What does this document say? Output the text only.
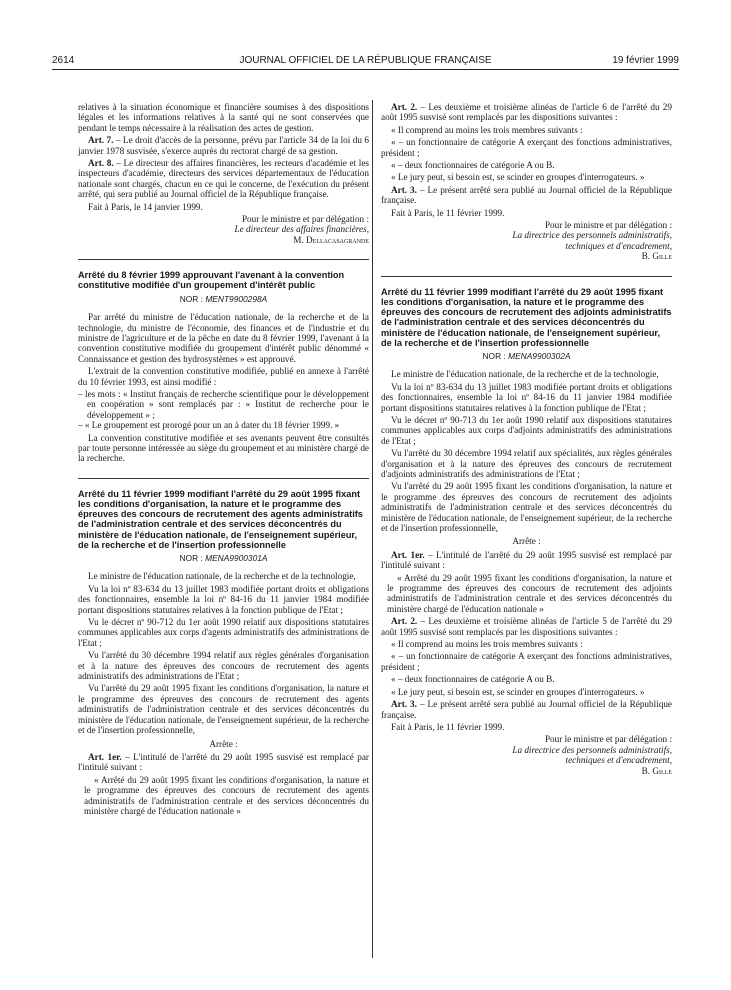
2614	JOURNAL OFFICIEL DE LA RÉPUBLIQUE FRANÇAISE	19 février 1999

relatives à la situation économique et financière soumises à des dispositions légales et les informations relatives à la santé qui ne sont conservées que pendant le temps nécessaire à la réalisation des actes de gestion.

Art. 7. – Le droit d'accès de la personne, prévu par l'article 34 de la loi du 6 janvier 1978 susvisée, s'exerce auprès du rectorat chargé de sa gestion.

Art. 8. – Le directeur des affaires financières, les recteurs d'académie et les inspecteurs d'académie, directeurs des services départementaux de l'éducation nationale sont chargés, chacun en ce qui le concerne, de l'exécution du présent arrêté, qui sera publié au Journal officiel de la République française.

Fait à Paris, le 14 janvier 1999.

Pour le ministre et par délégation :
Le directeur des affaires financières,
M. Dellacasagrande
Arrêté du 8 février 1999 approuvant l'avenant à la convention constitutive modifiée d'un groupement d'intérêt public
NOR : MENT9900298A

Par arrêté du ministre de l'éducation nationale, de la recherche et de la technologie, du ministre de l'économie, des finances et de l'industrie et du ministre de l'agriculture et de la pêche en date du 8 février 1999, l'avenant à la convention constitutive modifiée du groupement d'intérêt public dénommé « Connaissance et gestion des hydrosystèmes » est approuvé.

L'extrait de la convention constitutive modifiée, publié en annexe à l'arrêté du 10 février 1993, est ainsi modifié :

– les mots : « Institut français de recherche scientifique pour le développement en coopération » sont remplacés par : « Institut de recherche pour le développement » ;
– « Le groupement est prorogé pour un an à dater du 18 février 1999. »

La convention constitutive modifiée et ses avenants peuvent être consultés par toute personne intéressée au siège du groupement et au ministère chargé de la recherche.

Arrêté du 11 février 1999 modifiant l'arrêté du 29 août 1995 fixant les conditions d'organisation, la nature et le programme des épreuves des concours de recrutement des agents administratifs de l'administration centrale et des services déconcentrés du ministère de l'éducation nationale, de l'enseignement supérieur, de la recherche et de l'insertion professionnelle
NOR : MENA9900301A

Le ministre de l'éducation nationale, de la recherche et de la technologie,

Vu la loi nº 83-634 du 13 juillet 1983 modifiée portant droits et obligations des fonctionnaires, ensemble la loi nº 84-16 du 11 janvier 1984 modifiée portant dispositions statutaires relatives à la fonction publique de l'Etat ;

Vu le décret nº 90-712 du 1er août 1990 relatif aux dispositions statutaires communes applicables aux corps d'agents administratifs des administrations de l'Etat ;

Vu l'arrêté du 30 décembre 1994 relatif aux règles générales d'organisation et à la nature des épreuves des concours de recrutement des agents administratifs des administrations de l'Etat ;

Vu l'arrêté du 29 août 1995 fixant les conditions d'organisation, la nature et le programme des épreuves des concours de recrutement des agents administratifs de l'administration centrale et des services déconcentrés du ministère de l'éducation nationale, de l'enseignement supérieur, de la recherche et de l'insertion professionnelle,

Arrête :

Art. 1er. – L'intitulé de l'arrêté du 29 août 1995 susvisé est remplacé par l'intitulé suivant :

« Arrêté du 29 août 1995 fixant les conditions d'organisation, la nature et le programme des épreuves des concours de recrutement des agents administratifs de l'administration centrale et des services déconcentrés du ministère chargé de l'éducation nationale »

Art. 2. – Les deuxième et troisième alinéas de l'article 6 de l'arrêté du 29 août 1995 susvisé sont remplacés par les dispositions suivantes :

« Il comprend au moins les trois membres suivants :

« – un fonctionnaire de catégorie A exerçant des fonctions administratives, président ;

« – deux fonctionnaires de catégorie A ou B.

« Le jury peut, si besoin est, se scinder en groupes d'interrogateurs. »

Art. 3. – Le présent arrêté sera publié au Journal officiel de la République française.

Fait à Paris, le 11 février 1999.

Pour le ministre et par délégation :
La directrice des personnels administratifs,
techniques et d'encadrement,
B. Gille
Arrêté du 11 février 1999 modifiant l'arrêté du 29 août 1995 fixant les conditions d'organisation, la nature et le programme des épreuves des concours de recrutement des adjoints administratifs de l'administration centrale et des services déconcentrés du ministère de l'éducation nationale, de l'enseignement supérieur, de la recherche et de l'insertion professionnelle
NOR : MENA9900302A

Le ministre de l'éducation nationale, de la recherche et de la technologie,

Vu la loi nº 83-634 du 13 juillet 1983 modifiée portant droits et obligations des fonctionnaires, ensemble la loi nº 84-16 du 11 janvier 1984 modifiée portant dispositions statutaires relatives à la fonction publique de l'Etat ;

Vu le décret nº 90-713 du 1er août 1990 relatif aux dispositions statutaires communes applicables aux corps d'adjoints administratifs des administrations de l'Etat ;

Vu l'arrêté du 30 décembre 1994 relatif aux spécialités, aux règles générales d'organisation et à la nature des épreuves des concours de recrutement d'adjoints administratifs des administrations de l'Etat ;

Vu l'arrêté du 29 août 1995 fixant les conditions d'organisation, la nature et le programme des épreuves des concours de recrutement des adjoints administratifs de l'administration centrale et des services déconcentrés du ministère de l'éducation nationale, de l'enseignement supérieur, de la recherche et de l'insertion professionnelle,

Arrête :

Art. 1er. – L'intitulé de l'arrêté du 29 août 1995 susvisé est remplacé par l'intitulé suivant :

« Arrêté du 29 août 1995 fixant les conditions d'organisation, la nature et le programme des épreuves des concours de recrutement des adjoints administratifs de l'administration centrale et des services déconcentrés du ministère chargé de l'éducation nationale »

Art. 2. – Les deuxième et troisième alinéas de l'article 5 de l'arrêté du 29 août 1995 susvisé sont remplacés par les dispositions suivantes :

« Il comprend au moins les trois membres suivants :

« – un fonctionnaire de catégorie A exerçant des fonctions administratives, président ;

« – deux fonctionnaires de catégorie A ou B.

« Le jury peut, si besoin est, se scinder en groupes d'interrogateurs. »

Art. 3. – Le présent arrêté sera publié au Journal officiel de la République française.

Fait à Paris, le 11 février 1999.

Pour le ministre et par délégation :
La directrice des personnels administratifs,
techniques et d'encadrement,
B. Gille
